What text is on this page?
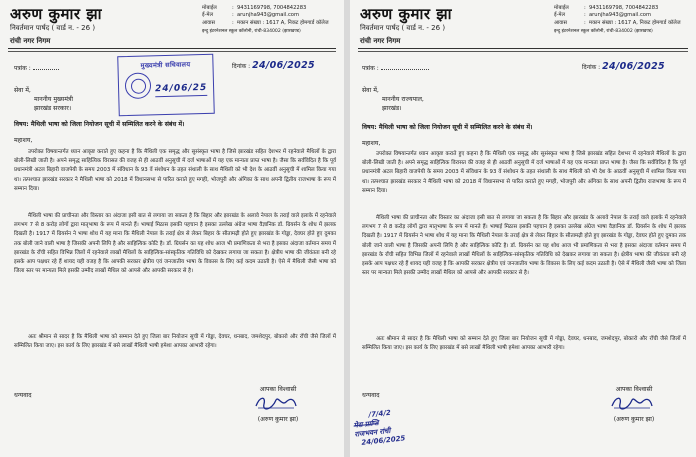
अरुण कुमार झा
निवर्तमान पार्षद ( वार्ड न. - 26 )
रांची नगर निगम
मोबाईल	: 9431169798, 7004842283
ई-मेल	: arunjha943@gmail.com
आवास	: मकान संख्या : 1617 A, निकट होमगार्ड कॉलेज
इन्दु इंटरनेशनल स्कूल कॉलोनी, रांची-834002 (झारखण्ड)
पत्रांक :	दिनांक : 24/06/2025
मुख्यमंत्री सचिवालय
24/06/25
सेवा में,
माननीय मुख्यमंत्री
झारखंड सरकार।
विषय: मैथिली भाषा को जिला नियोजन सूची में सम्मिलित करने के संबंध में।
महाशय,
उपरोक्त विषयान्तर्गत ध्यान आकृष्ट कराते हुए कहना है कि मैथिली एक समृद्ध और सुसंस्कृत भाषा है जिसे झारखंड सहित देशभर में रहनेवाले मैथिलों के द्वारा बोली-लिखी जाती है। अपने समृद्ध साहित्यिक विरासत की वजह से ही आठवीं अनुसूची में दर्ज भाषाओं में यह एक मान्यता प्राप्त भाषा है। जैसा कि सर्वविदित है कि पूर्व प्रधानमंत्री अटल बिहारी वाजपेयी के समय 2003 में संविधान के 93 वें संशोधन के तहत संथाली के साथ मैथिली को भी देश के आठवीं अनुसूची में शामिल किया गया था। तत्पश्चात झारखंड सरकार ने मैथिली भाषा को 2018 में विधानसभा से पारित कराते हुए मगही, भोजपुरी और अंगिका के साथ अपनी द्वितीय राजभाषा के रूप में सम्मान दिया।
मैथिली भाषा की प्राचीनता और विस्तार का अंदाजा इसी बात से लगाया जा सकता है कि बिहार और झारखंड के अलावे नेपाल के तराई वाले इलाके में रहनेवाले लगभग 7 से 8 करोड़ लोगों द्वारा मातृभाषा के रूप में मानते हैं। भाषाई मिठास इसकी पहचान है इसका उल्लेख अंग्रेज भाषा वैज्ञानिक डॉ. ग्रियर्सन के शोध में झलक दिखती है। 1917 में ग्रियर्सन ने भाषा शोध में यह माना कि मैथिली नेपाल के तराई क्षेत्र से लेकर बिहार के सीतामढ़ी होते हुए झारखंड के गोड्डा, देवघर होते हुए दुमका तक बोली जाने वाली भाषा है जिसकी अपनी लिपि है और साहित्यिक कोटि है। डॉ. ग्रियर्सन का यह शोध आज भी प्रमाणिकता से भरा है इसका अंदाजा वर्तमान समय में झारखंड के राँची सहित विभिन्न जिलों में रहनेवाले लाखों मैथिलों के साहित्यिक-सांस्कृतिक गतिविधि को देखकर लगाया जा सकता है। क्षेत्रीय भाषा की जीवंतता बनी रहे इसके आप पक्षधर रहे हैं शायद यही वजह है कि आपकी सरकार क्षेत्रीय एवं जनजातीय भाषा के विकास के लिए कई कदम उठाती है। ऐसे में मैथिली जैसी भाषा को जिला स्तर पर मान्यता मिले इसकी उम्मीद लाखों मैथिल को आपसे और आपकी सरकार से है।
अतः श्रीमान से सादर है कि मैथिली भाषा को सम्मान देते हुए जिला बार नियोजन सूची में गोड्डा, देवघर, धनबाद, जमशेदपुर, बोकारो और राँची जैसे जिलों में सम्मिलित किया जाए। इस कार्य के लिए झारखंड में बसे लाखों मैथिली भाषी हमेशा आपका आभारी रहेगा।
धन्यवाद
आपका विश्वासी
(अरुण कुमार झा)
अरुण कुमार झा
निवर्तमान पार्षद ( वार्ड न. - 26 )
रांची नगर निगम
मोबाईल	: 9431169798, 7004842283
ई-मेल	: arunjha943@gmail.com
आवास	: मकान संख्या : 1617 A, निकट होमगार्ड कॉलेज
इन्दु इंटरनेशनल स्कूल कॉलोनी, रांची-834002 (झारखण्ड)
पत्रांक :	दिनांक : 24/06/2025
सेवा में,
माननीय राज्यपाल,
झारखंड।
विषय: मैथिली भाषा को जिला नियोजन सूची में सम्मिलित करने के संबंध में।
महाशय,
उपरोक्त विषयान्तर्गत ध्यान आकृष्ट कराते हुए कहना है कि मैथिली एक समृद्ध और सुसंस्कृत भाषा है जिसे झारखंड सहित देशभर में रहनेवाले मैथिलों के द्वारा बोली-लिखी जाती है। अपने समृद्ध साहित्यिक विरासत की वजह से ही आठवीं अनुसूची में दर्ज भाषाओं में यह एक मान्यता प्राप्त भाषा है। जैसा कि सर्वविदित है कि पूर्व प्रधानमंत्री अटल बिहारी वाजपेयी के समय 2003 में संविधान के 93 वें संशोधन के तहत संथाली के साथ मैथिली को भी देश के आठवीं अनुसूची में शामिल किया गया था। तत्पश्चात झारखंड सरकार ने मैथिली भाषा को 2018 में विधानसभा से पारित कराते हुए मगही, भोजपुरी और अंगिका के साथ अपनी द्वितीय राजभाषा के रूप में सम्मान दिया।
मैथिली भाषा की प्राचीनता और विस्तार का अंदाजा इसी बात से लगाया जा सकता है कि बिहार और झारखंड के अलावे नेपाल के तराई वाले इलाके में रहनेवाले लगभग 7 से 8 करोड़ लोगों द्वारा मातृभाषा के रूप में मानते हैं। भाषाई मिठास इसकी पहचान है इसका उल्लेख अंग्रेज भाषा वैज्ञानिक डॉ. ग्रियर्सन के शोध में झलक दिखती है। 1917 में ग्रियर्सन ने भाषा शोध में यह माना कि मैथिली नेपाल के तराई क्षेत्र से लेकर बिहार के सीतामढ़ी होते हुए झारखंड के गोड्डा, देवघर होते हुए दुमका तक बोली जाने वाली भाषा है जिसकी अपनी लिपि है और साहित्यिक कोटि है। डॉ. ग्रियर्सन का यह शोध आज भी प्रमाणिकता से भरा है इसका अंदाजा वर्तमान समय में झारखंड के राँची सहित विभिन्न जिलों में रहनेवाले लाखों मैथिलों के साहित्यिक-सांस्कृतिक गतिविधि को देखकर लगाया जा सकता है। क्षेत्रीय भाषा की जीवंतता बनी रहे इसके आप पक्षधर रहे हैं शायद यही वजह है कि आपकी सरकार क्षेत्रीय एवं जनजातीय भाषा के विकास के लिए कई कदम उठाती है। ऐसे में मैथिली जैसी भाषा को जिला स्तर पर मान्यता मिले इसकी उम्मीद लाखों मैथिल को आपसे और आपकी सरकार से है।
अतः श्रीमान से सादर है कि मैथिली भाषा को सम्मान देते हुए जिला बार नियोजन सूची में गोड्डा, देवघर, धनबाद, जमशेदपुर, बोकारो और राँची जैसे जिलों में सम्मिलित किया जाए। इस कार्य के लिए झारखंड में बसे लाखों मैथिली भाषी हमेशा आपका आभारी रहेगा।
धन्यवाद
आपका विश्वासी
(अरुण कुमार झा)
/7/4/2
मेरा प्राप्ति
राजभवन रांची
24/06/2025
